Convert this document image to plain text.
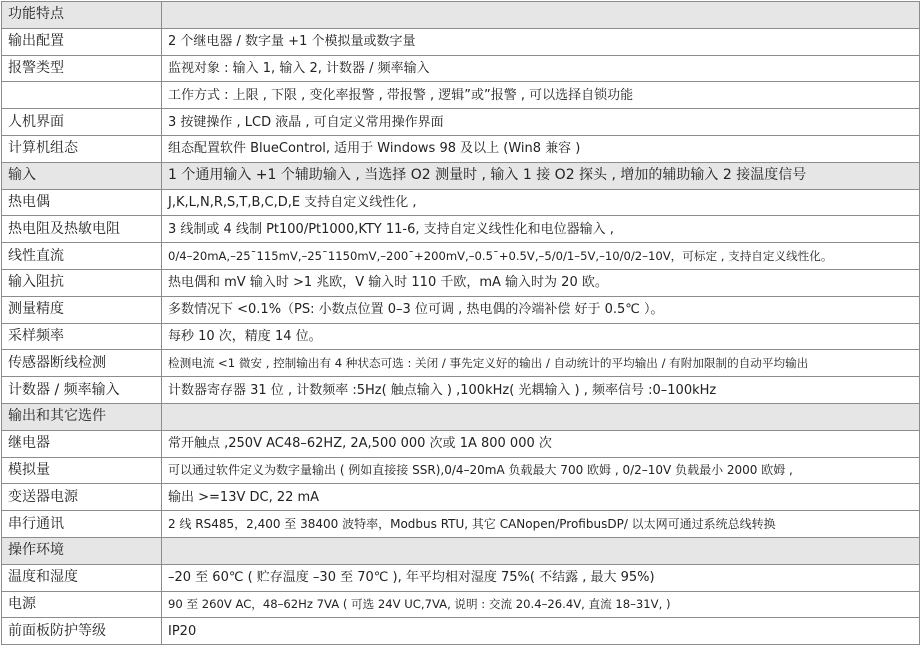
功能特点	
输出配置	2 个继电器 / 数字量 +1 个模拟量或数字量
报警类型	监视对象 : 输入 1, 输入 2, 计数器 / 频率输入
	工作方式 : 上限 , 下限 , 变化率报警 , 带报警 , 逻辑”或”报警 , 可以选择自锁功能
人机界面	3 按键操作 , LCD 液晶 , 可自定义常用操作界面
计算机组态	组态配置软件 BlueControl, 适用于 Windows 98 及以上 (Win8 兼容 )
输入	1 个通用输入 +1 个辅助输入 , 当选择 O2 测量时 , 输入 1 接 O2 探头 , 增加的辅助输入 2 接温度信号
热电偶	J,K,L,N,R,S,T,B,C,D,E 支持自定义线性化 ,
热电阻及热敏电阻	3 线制或 4 线制 Pt100/Pt1000,KTY 11-6, 支持自定义线性化和电位器输入 ,
线性直流	0/4–20mA,–25¯115mV,–25¯1150mV,–200¯+200mV,–0.5¯+0.5V,–5/0/1–5V,–10/0/2–10V，可标定 , 支持自定义线性化。
输入阻抗	热电偶和 mV 输入时 >1 兆欧，V 输入时 110 千欧，mA 输入时为 20 欧。
测量精度	多数情况下 <0.1%（PS: 小数点位置 0–3 位可调 , 热电偶的冷端补偿 好于 0.5℃ ）。
采样频率	每秒 10 次，精度 14 位。
传感器断线检测	检测电流 <1 微安 , 控制输出有 4 种状态可选 : 关闭 / 事先定义好的输出 / 自动统计的平均输出 / 有附加限制的自动平均输出
计数器 / 频率输入	计数器寄存器 31 位 , 计数频率 :5Hz( 触点输入 ) ,100kHz( 光耦输入 ) , 频率信号 :0–100kHz
输出和其它选件	
继电器	常开触点 ,250V AC48–62HZ, 2A,500 000 次或 1A 800 000 次
模拟量	可以通过软件定义为数字量输出 ( 例如直接接 SSR),0/4–20mA 负载最大 700 欧姆 , 0/2–10V 负载最小 2000 欧姆 ,
变送器电源	输出 >=13V DC, 22 mA
串行通讯	2 线 RS485，2,400 至 38400 波特率，Modbus RTU, 其它 CANopen/ProfibusDP/ 以太网可通过系统总线转换
操作环境	
温度和湿度	–20 至 60℃ ( 贮存温度 –30 至 70℃ ), 年平均相对湿度 75%( 不结露 , 最大 95%)
电源	90 至 260V AC，48–62Hz 7VA ( 可选 24V UC,7VA, 说明 : 交流 20.4–26.4V, 直流 18–31V, )
前面板防护等级	IP20
